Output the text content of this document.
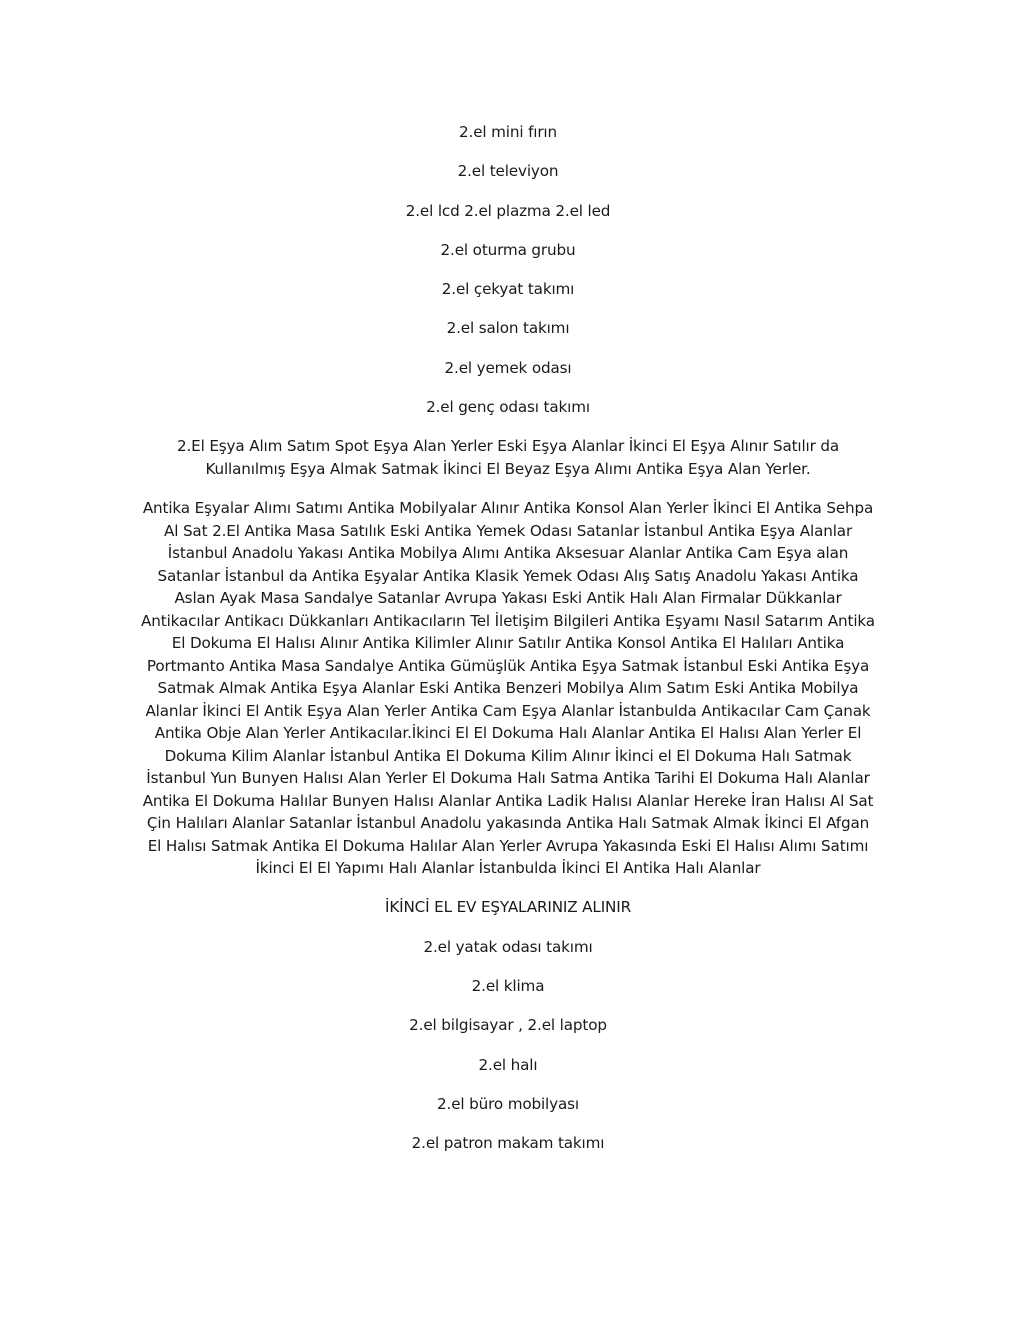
2.el mini fırın

2.el televiyon

2.el lcd 2.el plazma 2.el led

2.el oturma grubu

2.el çekyat takımı

2.el salon takımı

2.el yemek odası

2.el genç odası takımı

2.El Eşya Alım Satım Spot Eşya Alan Yerler Eski Eşya Alanlar İkinci El Eşya Alınır Satılır da Kullanılmış Eşya Almak Satmak İkinci El Beyaz Eşya Alımı Antika Eşya Alan Yerler.

Antika Eşyalar Alımı Satımı Antika Mobilyalar Alınır Antika Konsol Alan Yerler İkinci El Antika Sehpa Al Sat 2.El Antika Masa Satılık Eski Antika Yemek Odası Satanlar İstanbul Antika Eşya Alanlar İstanbul Anadolu Yakası Antika Mobilya Alımı Antika Aksesuar Alanlar Antika Cam Eşya alan Satanlar İstanbul da Antika Eşyalar Antika Klasik Yemek Odası Alış Satış Anadolu Yakası Antika Aslan Ayak Masa Sandalye Satanlar Avrupa Yakası Eski Antik Halı Alan Firmalar Dükkanlar Antikacılar Antikacı Dükkanları Antikacıların Tel İletişim Bilgileri Antika Eşyamı Nasıl Satarım Antika El Dokuma El Halısı Alınır Antika Kilimler Alınır Satılır Antika Konsol Antika El Halıları Antika Portmanto Antika Masa Sandalye Antika Gümüşlük Antika Eşya Satmak İstanbul Eski Antika Eşya Satmak Almak Antika Eşya Alanlar Eski Antika Benzeri Mobilya Alım Satım Eski Antika Mobilya Alanlar İkinci El Antik Eşya Alan Yerler Antika Cam Eşya Alanlar İstanbulda Antikacılar Cam Çanak Antika Obje Alan Yerler Antikacılar.İkinci El El Dokuma Halı Alanlar Antika El Halısı Alan Yerler El Dokuma Kilim Alanlar İstanbul Antika El Dokuma Kilim Alınır İkinci el El Dokuma Halı Satmak İstanbul Yun Bunyen Halısı Alan Yerler El Dokuma Halı Satma Antika Tarihi El Dokuma Halı Alanlar Antika El Dokuma Halılar Bunyen Halısı Alanlar Antika Ladik Halısı Alanlar Hereke İran Halısı Al Sat Çin Halıları Alanlar Satanlar İstanbul Anadolu yakasında Antika Halı Satmak Almak İkinci El Afgan El Halısı Satmak Antika El Dokuma Halılar Alan Yerler Avrupa Yakasında Eski El Halısı Alımı Satımı İkinci El El Yapımı Halı Alanlar İstanbulda İkinci El Antika Halı Alanlar

İKİNCİ EL EV EŞYALARINIZ ALINIR

2.el yatak odası takımı

2.el klima

2.el bilgisayar , 2.el laptop

2.el halı

2.el büro mobilyası

2.el patron makam takımı
